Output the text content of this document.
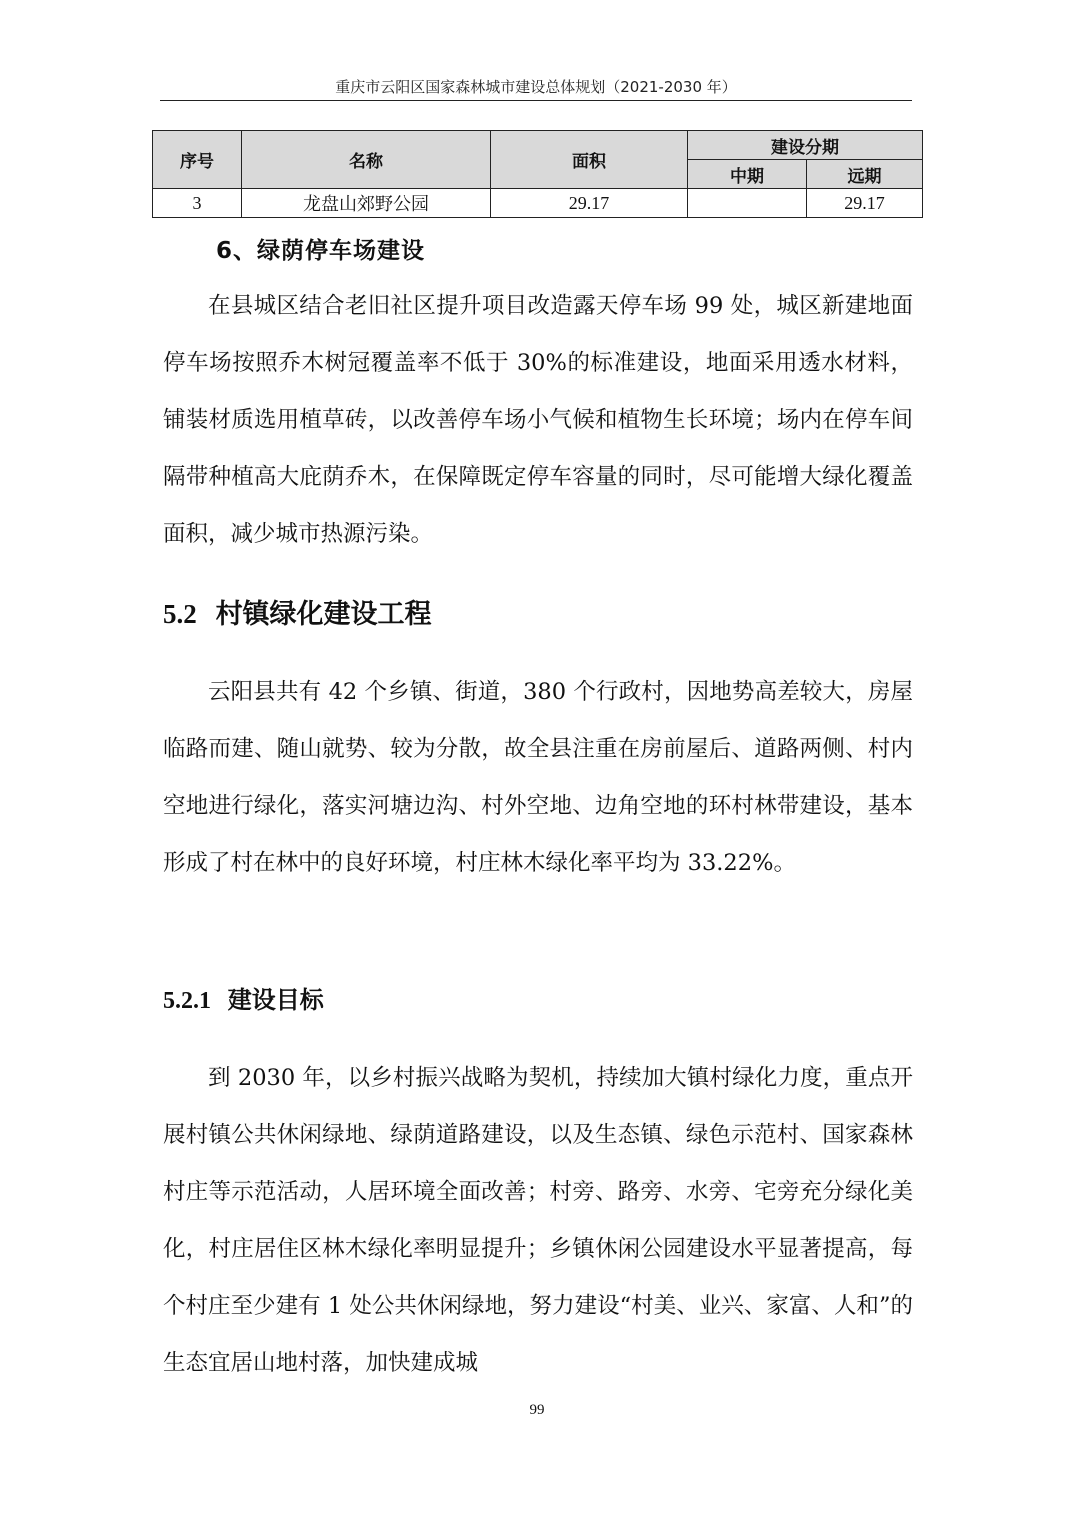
重庆市云阳区国家森林城市建设总体规划（2021-2030 年）
序号	名称	面积	建设分期	
			中期	远期
3	龙盘山郊野公园	29.17		29.17
6、绿荫停车场建设
在县城区结合老旧社区提升项目改造露天停车场 99 处，城区新建地面停车场按照乔木树冠覆盖率不低于 30%的标准建设，地面采用透水材料，铺装材质选用植草砖，以改善停车场小气候和植物生长环境；场内在停车间隔带种植高大庇荫乔木，在保障既定停车容量的同时，尽可能增大绿化覆盖面积，减少城市热源污染。
5.2 村镇绿化建设工程
云阳县共有 42 个乡镇、街道，380 个行政村，因地势高差较大，房屋临路而建、随山就势、较为分散，故全县注重在房前屋后、道路两侧、村内空地进行绿化，落实河塘边沟、村外空地、边角空地的环村林带建设，基本形成了村在林中的良好环境，村庄林木绿化率平均为 33.22%。
5.2.1 建设目标
到 2030 年，以乡村振兴战略为契机，持续加大镇村绿化力度，重点开展村镇公共休闲绿地、绿荫道路建设，以及生态镇、绿色示范村、国家森林村庄等示范活动，人居环境全面改善；村旁、路旁、水旁、宅旁充分绿化美化，村庄居住区林木绿化率明显提升；乡镇休闲公园建设水平显著提高，每个村庄至少建有 1 处公共休闲绿地，努力建设“村美、业兴、家富、人和”的生态宜居山地村落，加快建成城
99
